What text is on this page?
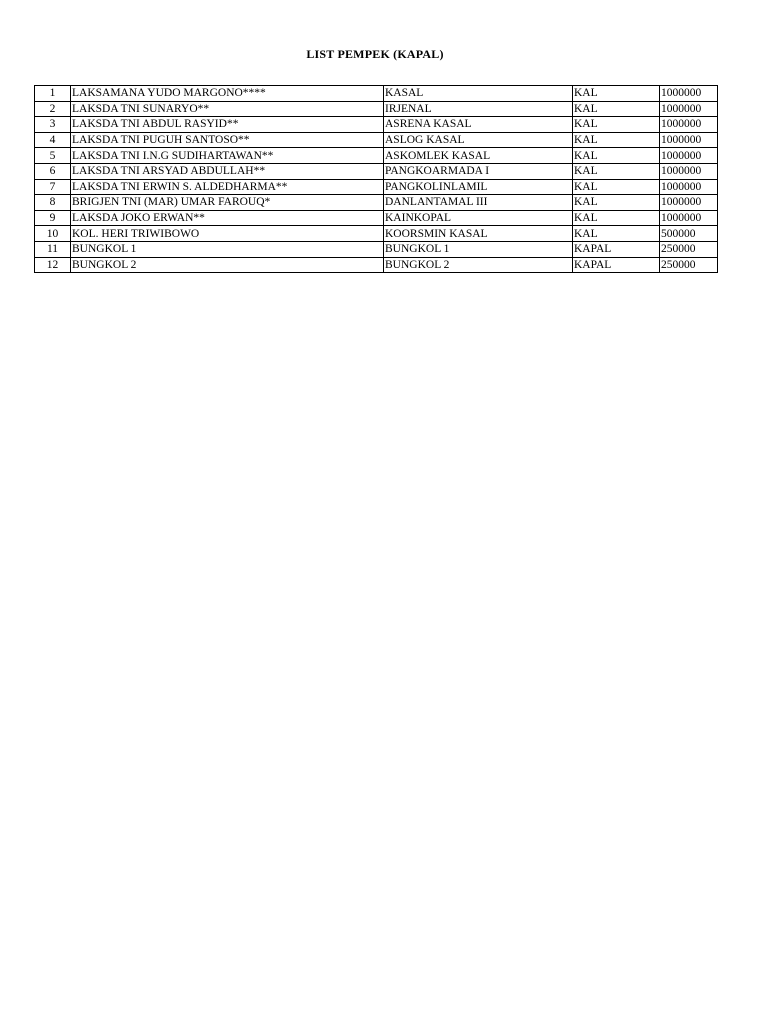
LIST PEMPEK (KAPAL)
1	LAKSAMANA YUDO MARGONO****	KASAL	KAL	1000000
2	LAKSDA TNI SUNARYO**	IRJENAL	KAL	1000000
3	LAKSDA TNI ABDUL RASYID**	ASRENA KASAL	KAL	1000000
4	LAKSDA TNI PUGUH SANTOSO**	ASLOG KASAL	KAL	1000000
5	LAKSDA TNI I.N.G SUDIHARTAWAN**	ASKOMLEK KASAL	KAL	1000000
6	LAKSDA TNI ARSYAD ABDULLAH**	PANGKOARMADA I	KAL	1000000
7	LAKSDA TNI ERWIN S. ALDEDHARMA**	PANGKOLINLAMIL	KAL	1000000
8	BRIGJEN TNI (MAR) UMAR FAROUQ*	DANLANTAMAL III	KAL	1000000
9	LAKSDA JOKO ERWAN**	KAINKOPAL	KAL	1000000
10	KOL. HERI TRIWIBOWO	KOORSMIN KASAL	KAL	500000
11	BUNGKOL 1	BUNGKOL 1	KAPAL	250000
12	BUNGKOL 2	BUNGKOL 2	KAPAL	250000
